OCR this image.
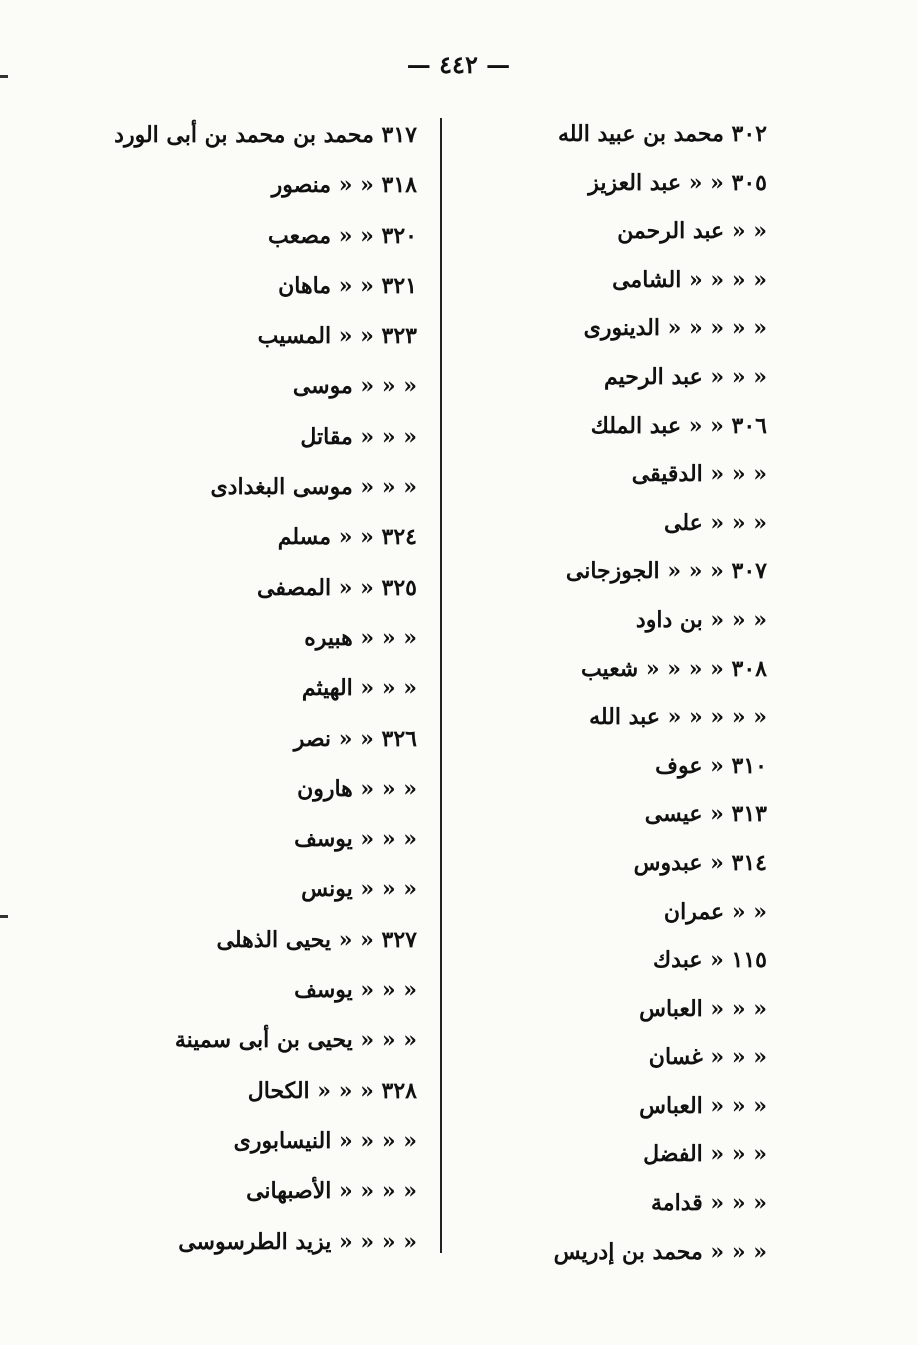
— ٤٤٢ —
٣٠٢ محمد بن عبيد الله
٣٠٥ « « عبد العزيز
« « عبد الرحمن
« « « « الشامى
« « « « « الدينورى
« « « عبد الرحيم
٣٠٦ « « عبد الملك
« « « الدقيقى
« « « على
٣٠٧ « « « الجوزجانى
« « « بن داود
٣٠٨ « « « « شعيب
« « « « « عبد الله
٣١٠ « عوف
٣١٣ « عيسى
٣١٤ « عبدوس
« « عمران
١١٥ « عبدك
« « « العباس
« « « غسان
« « « العباس
« « « الفضل
« « « قدامة
« « « محمد بن إدريس
٣١٧ محمد بن محمد بن أبى الورد
٣١٨ « « منصور
٣٢٠ « « مصعب
٣٢١ « « ماهان
٣٢٣ « « المسيب
« « « موسى
« « « مقاتل
« « « موسى البغدادى
٣٢٤ « « مسلم
٣٢٥ « « المصفى
« « « هبيره
« « « الهيثم
٣٢٦ « « نصر
« « « هارون
« « « يوسف
« « « يونس
٣٢٧ « « يحيى الذهلى
« « « يوسف
« « « يحيى بن أبى سمينة
٣٢٨ « « « الكحال
« « « « النيسابورى
« « « « الأصبهانى
« « « « يزيد الطرسوسى
